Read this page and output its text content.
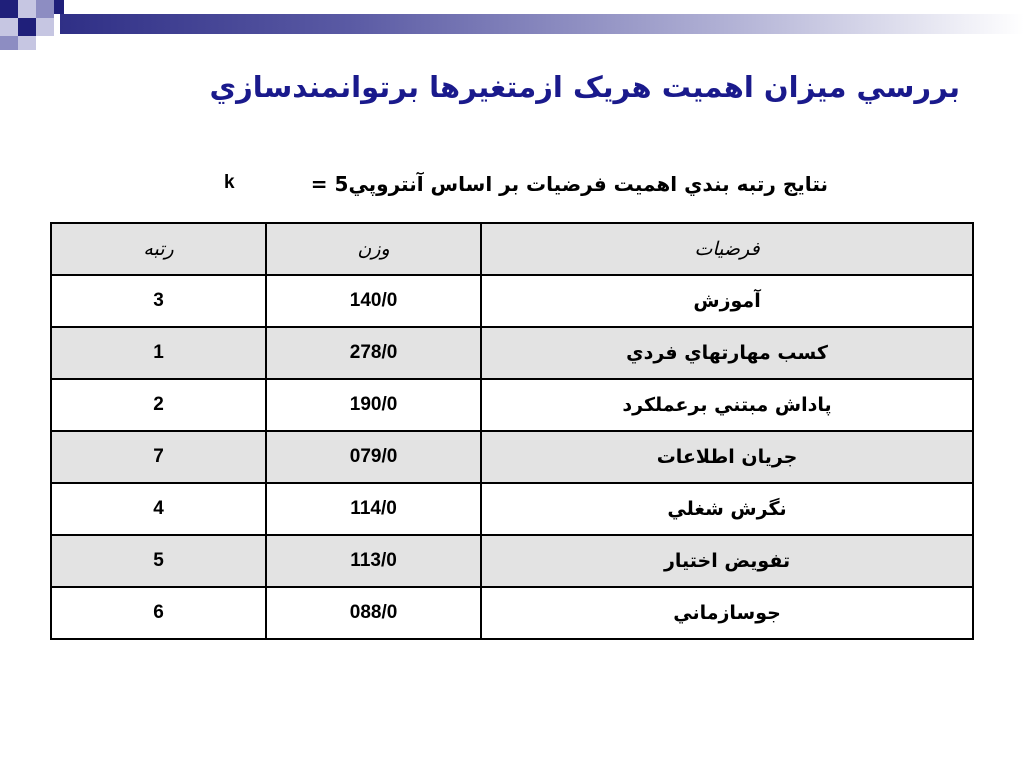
بررسي ميزان اهميت هريک ازمتغيرها برتوانمندسازي
k	نتايج رتبه بندي اهميت فرضيات بر اساس آنتروپي5 =
فرضيات	وزن	رتبه
آموزش	140/0	3
کسب مهارتهاي فردي	278/0	1
پاداش مبتني برعملکرد	190/0	2
جريان اطلاعات	079/0	7
نگرش شغلي	114/0	4
تفويض اختيار	113/0	5
جوسازماني	088/0	6
